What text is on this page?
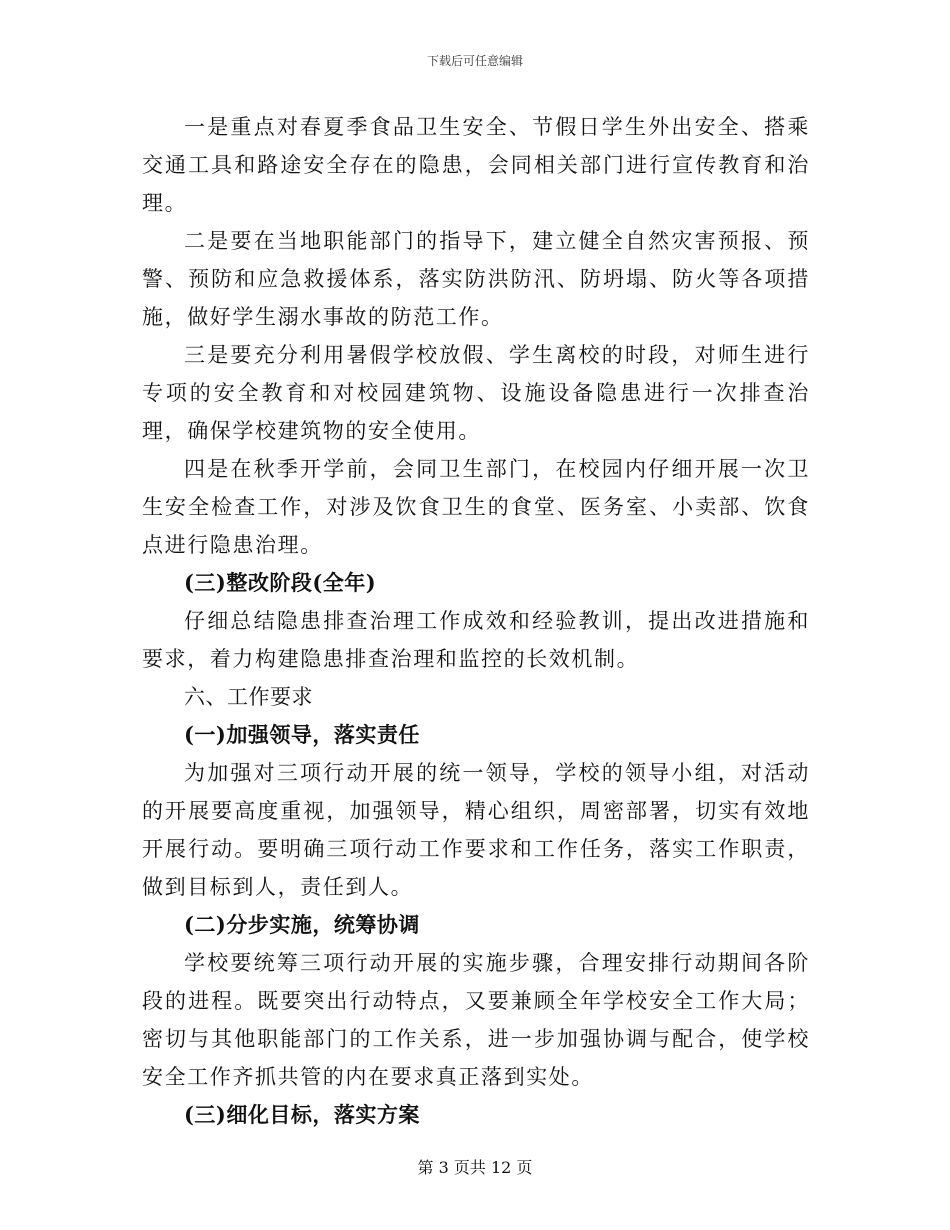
下载后可任意编辑

一是重点对春夏季食品卫生安全、节假日学生外出安全、搭乘交通工具和路途安全存在的隐患，会同相关部门进行宣传教育和治理。

二是要在当地职能部门的指导下，建立健全自然灾害预报、预警、预防和应急救援体系，落实防洪防汛、防坍塌、防火等各项措施，做好学生溺水事故的防范工作。

三是要充分利用暑假学校放假、学生离校的时段，对师生进行专项的安全教育和对校园建筑物、设施设备隐患进行一次排查治理，确保学校建筑物的安全使用。

四是在秋季开学前，会同卫生部门，在校园内仔细开展一次卫生安全检查工作，对涉及饮食卫生的食堂、医务室、小卖部、饮食点进行隐患治理。

(三)整改阶段(全年)

仔细总结隐患排查治理工作成效和经验教训，提出改进措施和要求，着力构建隐患排查治理和监控的长效机制。

六、工作要求

(一)加强领导，落实责任

为加强对三项行动开展的统一领导，学校的领导小组，对活动的开展要高度重视，加强领导，精心组织，周密部署，切实有效地开展行动。要明确三项行动工作要求和工作任务，落实工作职责，做到目标到人，责任到人。

(二)分步实施，统筹协调

学校要统筹三项行动开展的实施步骤，合理安排行动期间各阶段的进程。既要突出行动特点，又要兼顾全年学校安全工作大局；密切与其他职能部门的工作关系，进一步加强协调与配合，使学校安全工作齐抓共管的内在要求真正落到实处。

(三)细化目标，落实方案

第 3 页共 12 页
